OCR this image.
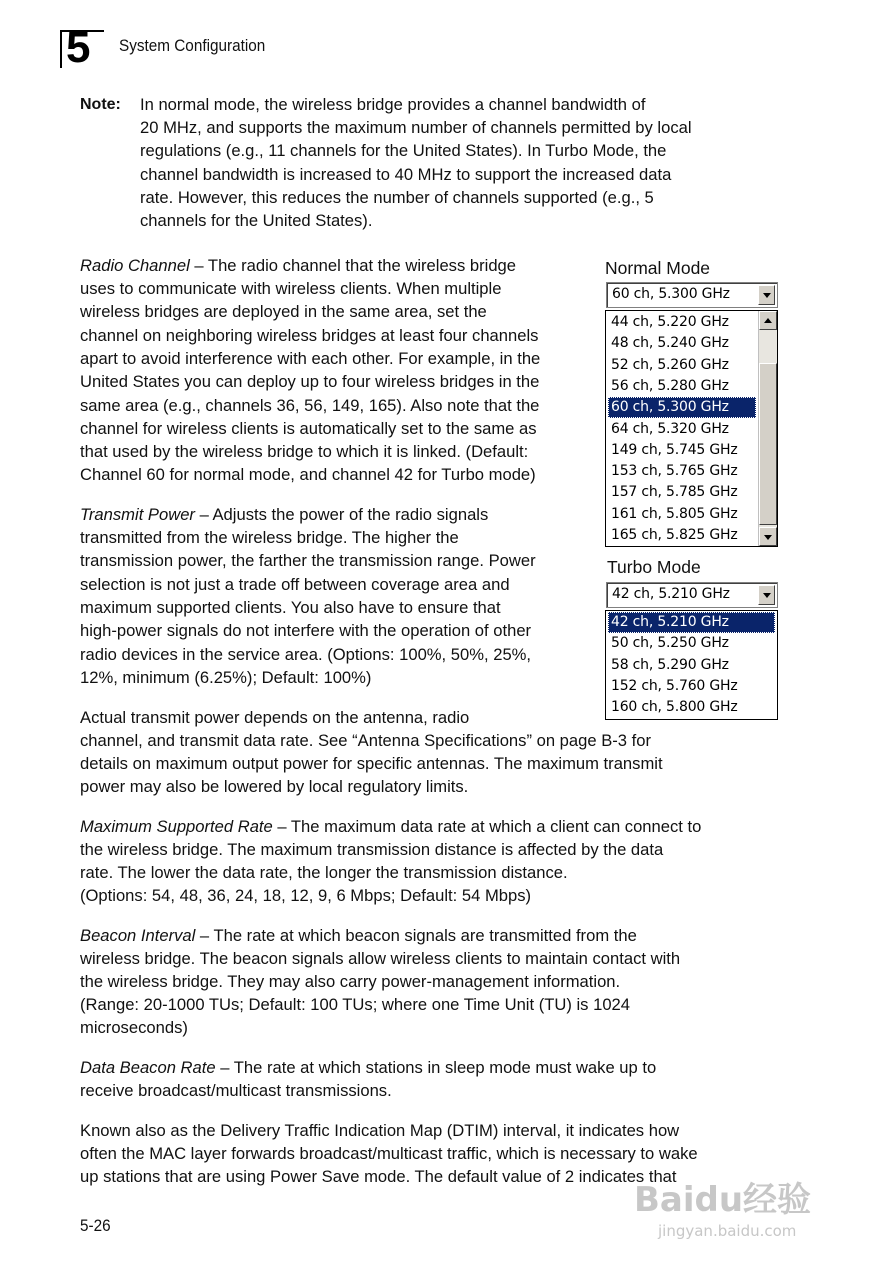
5 System Configuration
Note: In normal mode, the wireless bridge provides a channel bandwidth of
20 MHz, and supports the maximum number of channels permitted by local
regulations (e.g., 11 channels for the United States). In Turbo Mode, the
channel bandwidth is increased to 40 MHz to support the increased data
rate. However, this reduces the number of channels supported (e.g., 5
channels for the United States).
Radio Channel – The radio channel that the wireless bridge
uses to communicate with wireless clients. When multiple
wireless bridges are deployed in the same area, set the
channel on neighboring wireless bridges at least four channels
apart to avoid interference with each other. For example, in the
United States you can deploy up to four wireless bridges in the
same area (e.g., channels 36, 56, 149, 165). Also note that the
channel for wireless clients is automatically set to the same as
that used by the wireless bridge to which it is linked. (Default:
Channel 60 for normal mode, and channel 42 for Turbo mode)
Transmit Power – Adjusts the power of the radio signals
transmitted from the wireless bridge. The higher the
transmission power, the farther the transmission range. Power
selection is not just a trade off between coverage area and
maximum supported clients. You also have to ensure that
high-power signals do not interfere with the operation of other
radio devices in the service area. (Options: 100%, 50%, 25%,
12%, minimum (6.25%); Default: 100%)
Actual transmit power depends on the antenna, radio
channel, and transmit data rate. See “Antenna Specifications” on page B-3 for
details on maximum output power for specific antennas. The maximum transmit
power may also be lowered by local regulatory limits.
Maximum Supported Rate – The maximum data rate at which a client can connect to
the wireless bridge. The maximum transmission distance is affected by the data
rate. The lower the data rate, the longer the transmission distance.
(Options: 54, 48, 36, 24, 18, 12, 9, 6 Mbps; Default: 54 Mbps)
Beacon Interval – The rate at which beacon signals are transmitted from the
wireless bridge. The beacon signals allow wireless clients to maintain contact with
the wireless bridge. They may also carry power-management information.
(Range: 20-1000 TUs; Default: 100 TUs; where one Time Unit (TU) is 1024
microseconds)
Data Beacon Rate – The rate at which stations in sleep mode must wake up to
receive broadcast/multicast transmissions.
Known also as the Delivery Traffic Indication Map (DTIM) interval, it indicates how
often the MAC layer forwards broadcast/multicast traffic, which is necessary to wake
up stations that are using Power Save mode. The default value of 2 indicates that
Normal Mode
60 ch, 5.300 GHz
44 ch, 5.220 GHz
48 ch, 5.240 GHz
52 ch, 5.260 GHz
56 ch, 5.280 GHz
60 ch, 5.300 GHz
64 ch, 5.320 GHz
149 ch, 5.745 GHz
153 ch, 5.765 GHz
157 ch, 5.785 GHz
161 ch, 5.805 GHz
165 ch, 5.825 GHz
Turbo Mode
42 ch, 5.210 GHz
42 ch, 5.210 GHz
50 ch, 5.250 GHz
58 ch, 5.290 GHz
152 ch, 5.760 GHz
160 ch, 5.800 GHz
5-26
Baidu经验
jingyan.baidu.com
